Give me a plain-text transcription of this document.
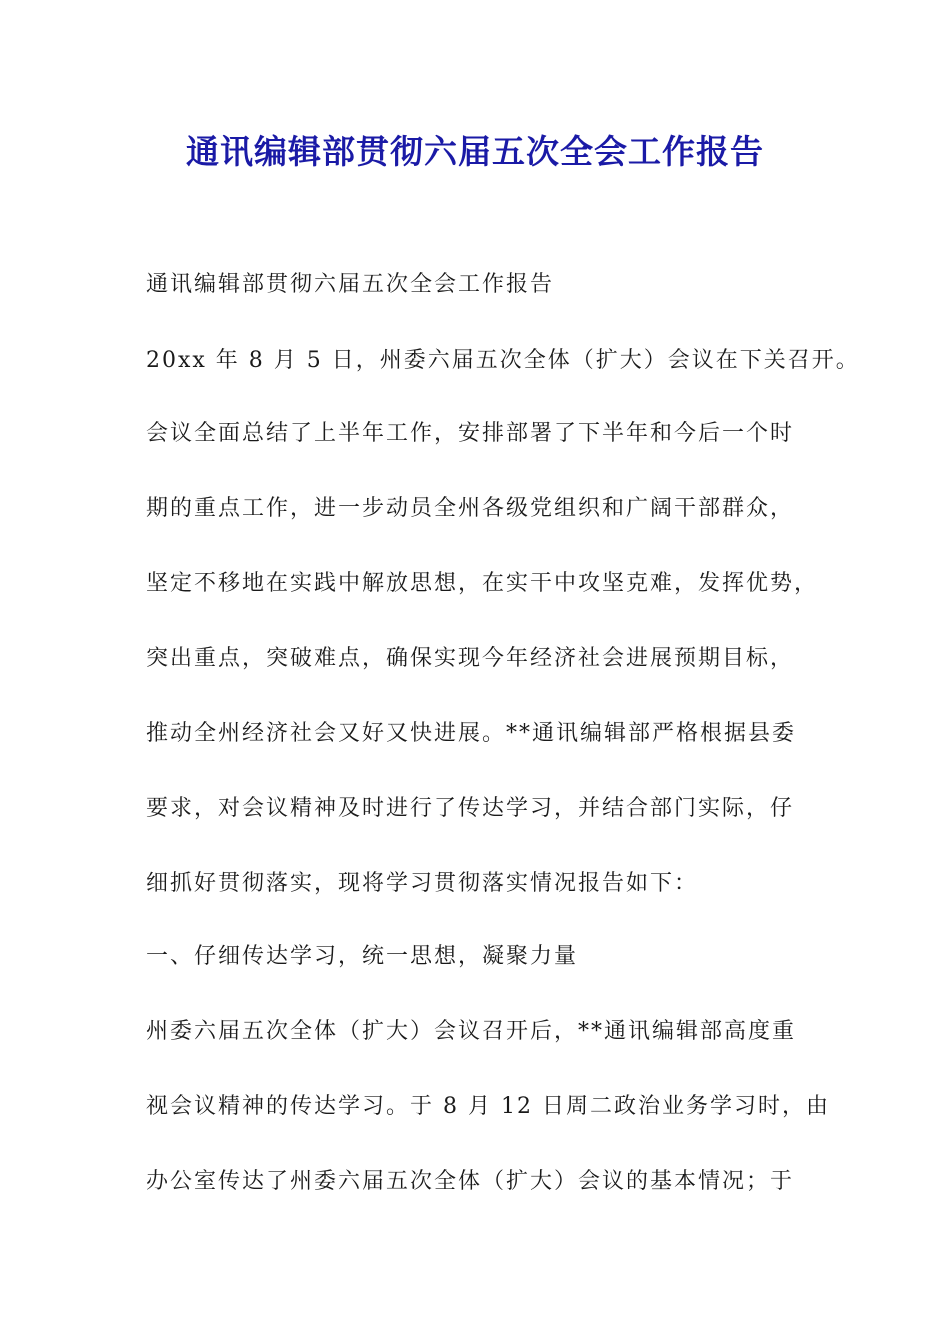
通讯编辑部贯彻六届五次全会工作报告
通讯编辑部贯彻六届五次全会工作报告
20xx 年 8 月 5 日，州委六届五次全体（扩大）会议在下关召开。
会议全面总结了上半年工作，安排部署了下半年和今后一个时
期的重点工作，进一步动员全州各级党组织和广阔干部群众，
坚定不移地在实践中解放思想，在实干中攻坚克难，发挥优势，
突出重点，突破难点，确保实现今年经济社会进展预期目标，
推动全州经济社会又好又快进展。**通讯编辑部严格根据县委
要求，对会议精神及时进行了传达学习，并结合部门实际，仔
细抓好贯彻落实，现将学习贯彻落实情况报告如下：
一、仔细传达学习，统一思想，凝聚力量
州委六届五次全体（扩大）会议召开后，**通讯编辑部高度重
视会议精神的传达学习。于 8 月 12 日周二政治业务学习时，由
办公室传达了州委六届五次全体（扩大）会议的基本情况；于
